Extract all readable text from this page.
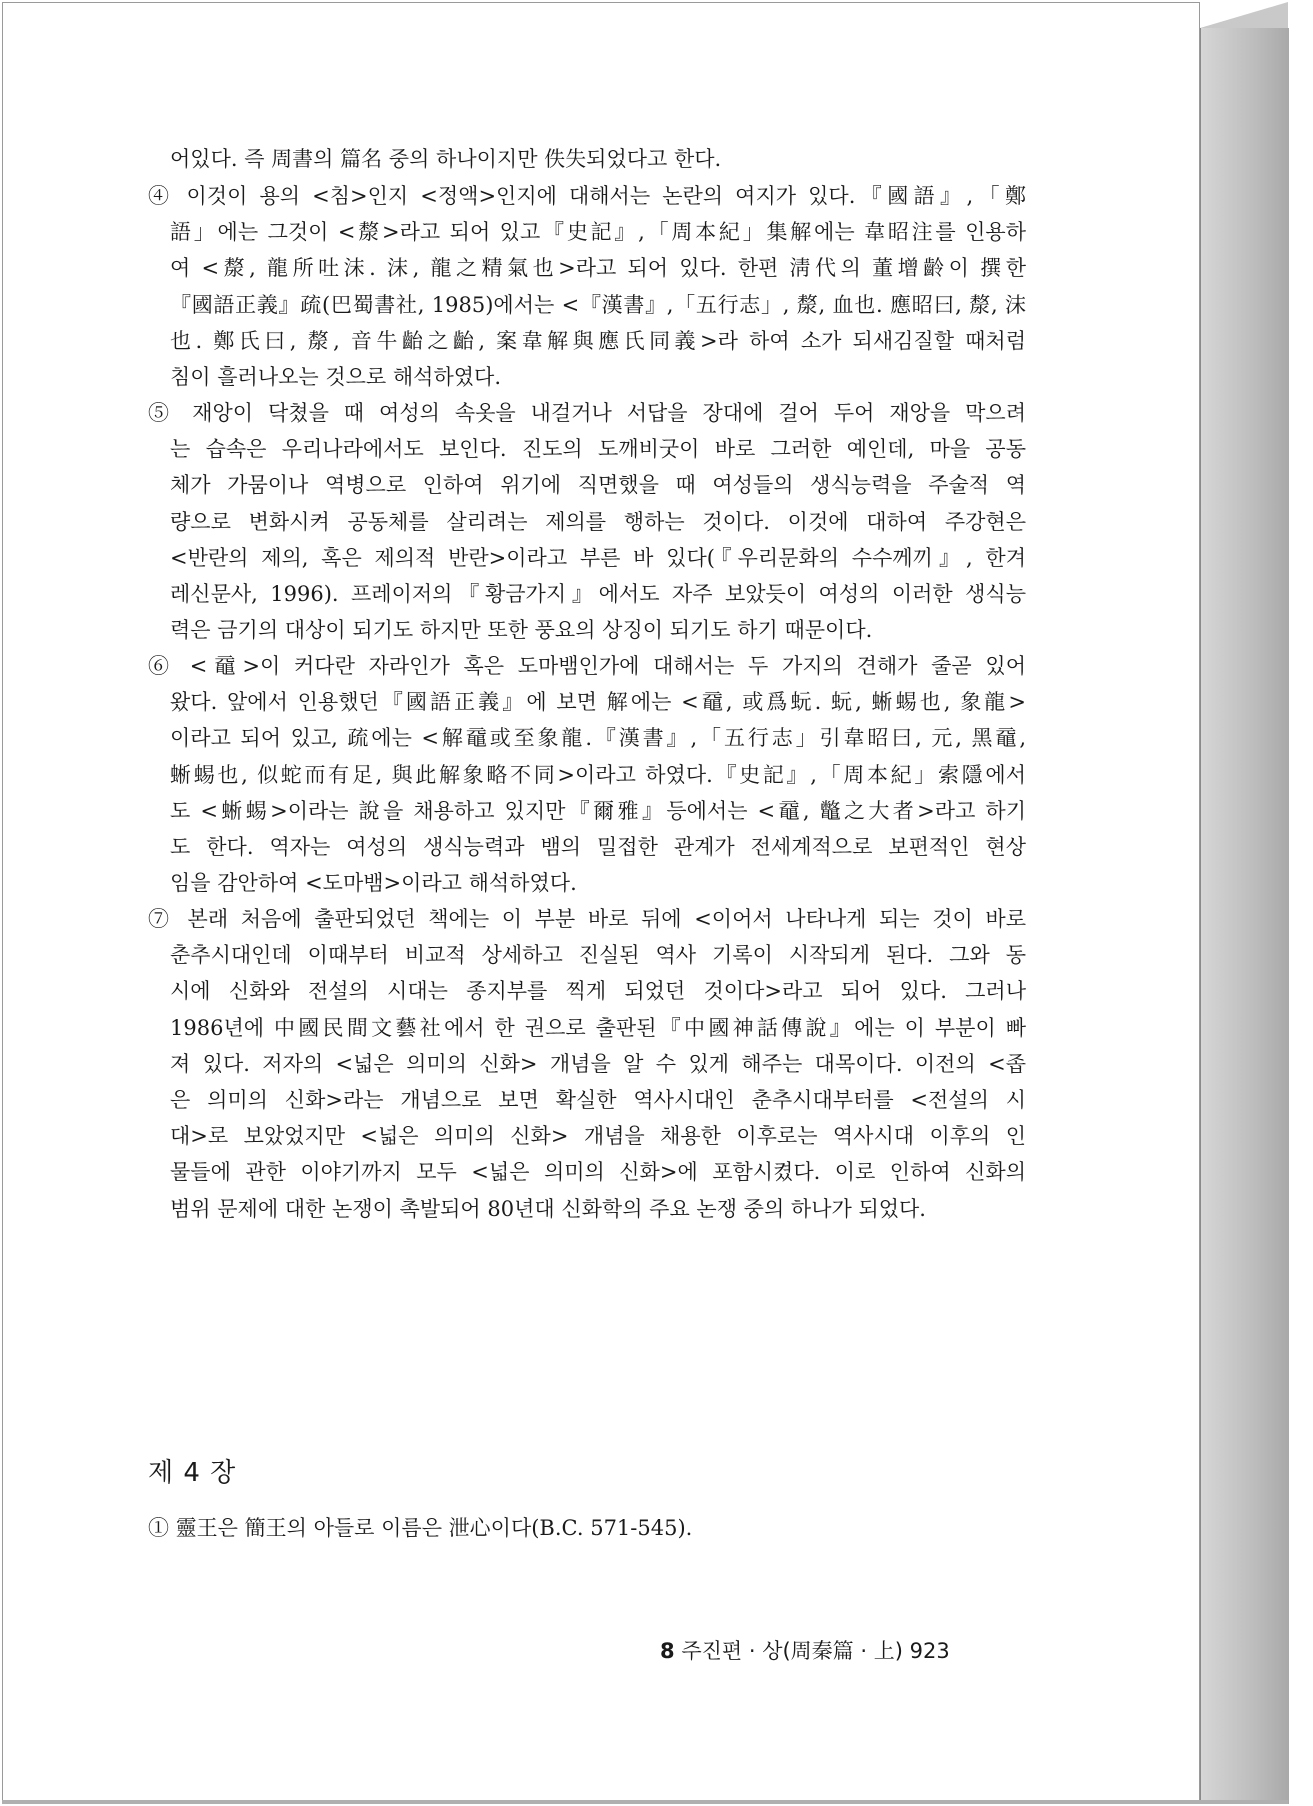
어있다. 즉 周書의 篇名 중의 하나이지만 佚失되었다고 한다.

④ 이것이 용의 <침>인지 <정액>인지에 대해서는 논란의 여지가 있다.『國語』,「鄭

語」에는 그것이 <漦>라고 되어 있고『史記』,「周本紀」集解에는 韋昭注를 인용하

여 <漦, 龍所吐沫. 沫, 龍之精氣也>라고 되어 있다. 한편 淸代의 董增齡이 撰한

『國語正義』疏(巴蜀書社, 1985)에서는 <『漢書』,「五行志」, 漦, 血也. 應昭曰, 漦, 沫

也. 鄭氏曰, 漦, 音牛齝之齝, 案韋解與應氏同義>라 하여 소가 되새김질할 때처럼

침이 흘러나오는 것으로 해석하였다.

⑤ 재앙이 닥쳤을 때 여성의 속옷을 내걸거나 서답을 장대에 걸어 두어 재앙을 막으려

는 습속은 우리나라에서도 보인다. 진도의 도깨비굿이 바로 그러한 예인데, 마을 공동

체가 가뭄이나 역병으로 인하여 위기에 직면했을 때 여성들의 생식능력을 주술적 역

량으로 변화시켜 공동체를 살리려는 제의를 행하는 것이다. 이것에 대하여 주강현은

<반란의 제의, 혹은 제의적 반란>이라고 부른 바 있다(『우리문화의 수수께끼』, 한겨

레신문사, 1996). 프레이저의『황금가지』에서도 자주 보았듯이 여성의 이러한 생식능

력은 금기의 대상이 되기도 하지만 또한 풍요의 상징이 되기도 하기 때문이다.

⑥ <黿>이 커다란 자라인가 혹은 도마뱀인가에 대해서는 두 가지의 견해가 줄곧 있어

왔다. 앞에서 인용했던『國語正義』에 보면 解에는 <黿, 或爲蚖. 蚖, 蜥蜴也, 象龍>

이라고 되어 있고, 疏에는 <解黿或至象龍.『漢書』,「五行志」引韋昭曰, 元, 黑黿,

蜥蜴也, 似蛇而有足, 與此解象略不同>이라고 하였다.『史記』,「周本紀」索隱에서

도 <蜥蜴>이라는 說을 채용하고 있지만『爾雅』등에서는 <黿, 鼈之大者>라고 하기

도 한다. 역자는 여성의 생식능력과 뱀의 밀접한 관계가 전세계적으로 보편적인 현상

임을 감안하여 <도마뱀>이라고 해석하였다.

⑦ 본래 처음에 출판되었던 책에는 이 부분 바로 뒤에 <이어서 나타나게 되는 것이 바로

춘추시대인데 이때부터 비교적 상세하고 진실된 역사 기록이 시작되게 된다. 그와 동

시에 신화와 전설의 시대는 종지부를 찍게 되었던 것이다>라고 되어 있다. 그러나

1986년에 中國民間文藝社에서 한 권으로 출판된『中國神話傳說』에는 이 부분이 빠

져 있다. 저자의 <넓은 의미의 신화> 개념을 알 수 있게 해주는 대목이다. 이전의 <좁

은 의미의 신화>라는 개념으로 보면 확실한 역사시대인 춘추시대부터를 <전설의 시

대>로 보았었지만 <넓은 의미의 신화> 개념을 채용한 이후로는 역사시대 이후의 인

물들에 관한 이야기까지 모두 <넓은 의미의 신화>에 포함시켰다. 이로 인하여 신화의

범위 문제에 대한 논쟁이 촉발되어 80년대 신화학의 주요 논쟁 중의 하나가 되었다.

제 4 장
① 靈王은 簡王의 아들로 이름은 泄心이다(B.C. 571-545).
8 주진편 · 상(周秦篇 · 上) 923
